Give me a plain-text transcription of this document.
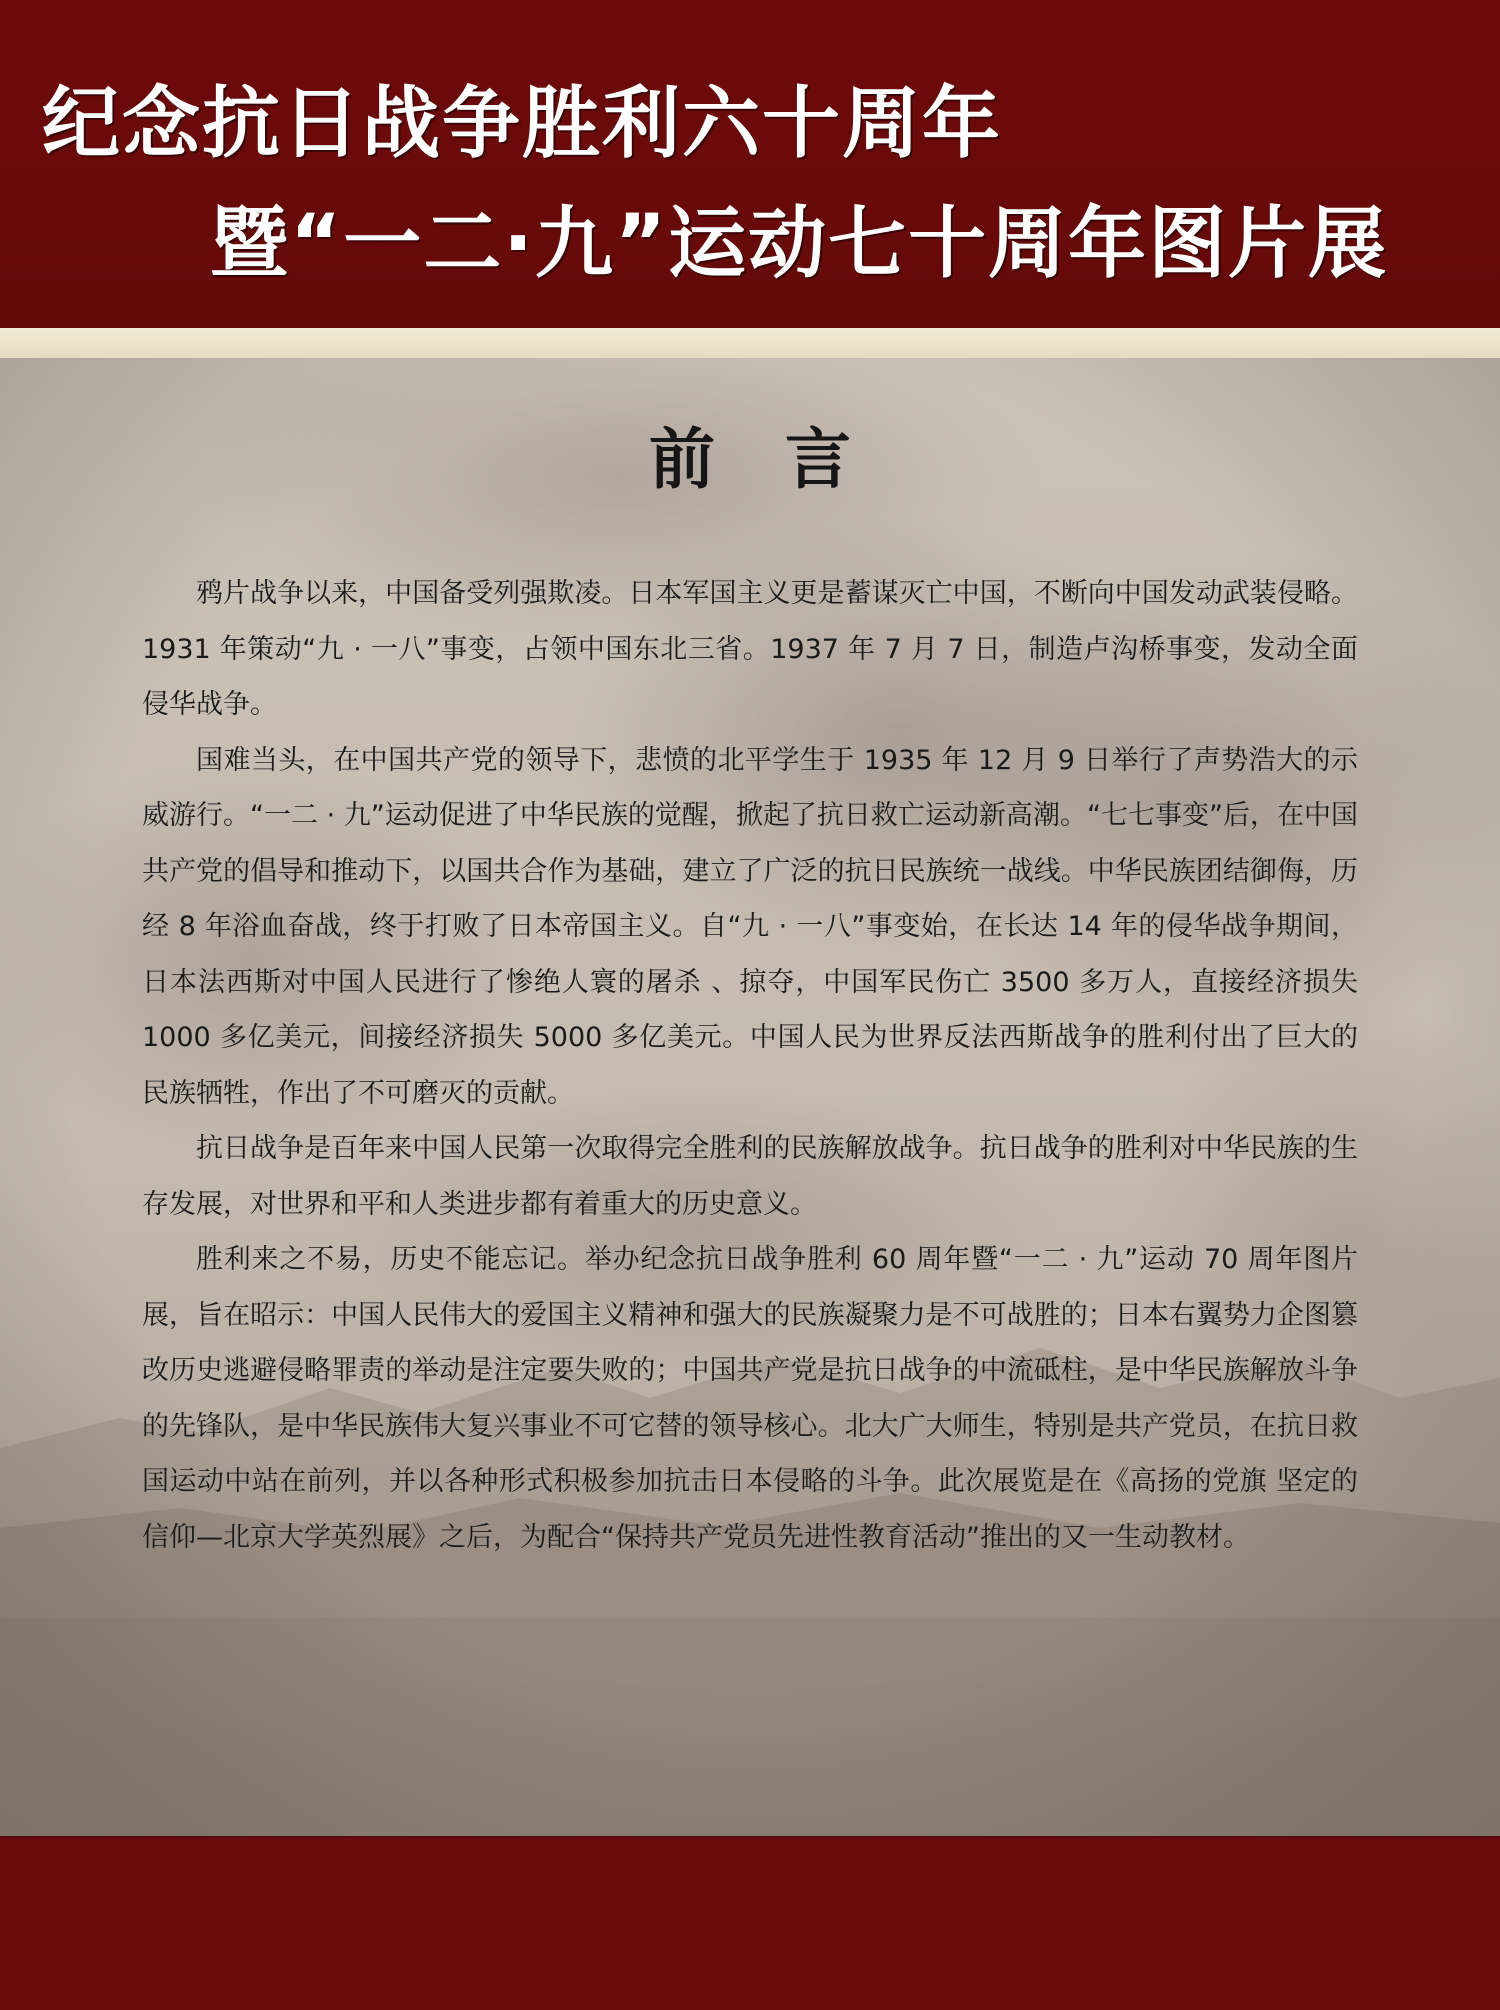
纪念抗日战争胜利六十周年
暨“一二·九”运动七十周年图片展
前言

鸦片战争以来，中国备受列强欺凌。日本军国主义更是蓄谋灭亡中国，不断向中国发动武装侵略。1931 年策动“九 · 一八”事变，占领中国东北三省。1937 年 7 月 7 日，制造卢沟桥事变，发动全面侵华战争。

国难当头，在中国共产党的领导下，悲愤的北平学生于 1935 年 12 月 9 日举行了声势浩大的示威游行。“一二 · 九”运动促进了中华民族的觉醒，掀起了抗日救亡运动新高潮。“七七事变”后，在中国共产党的倡导和推动下，以国共合作为基础，建立了广泛的抗日民族统一战线。中华民族团结御侮，历经 8 年浴血奋战，终于打败了日本帝国主义。自“九 · 一八”事变始，在长达 14 年的侵华战争期间，日本法西斯对中国人民进行了惨绝人寰的屠杀 、掠夺，中国军民伤亡 3500 多万人，直接经济损失 1000 多亿美元，间接经济损失 5000 多亿美元。中国人民为世界反法西斯战争的胜利付出了巨大的民族牺牲，作出了不可磨灭的贡献。

抗日战争是百年来中国人民第一次取得完全胜利的民族解放战争。抗日战争的胜利对中华民族的生存发展，对世界和平和人类进步都有着重大的历史意义。

胜利来之不易，历史不能忘记。举办纪念抗日战争胜利 60 周年暨“一二 · 九”运动 70 周年图片展，旨在昭示：中国人民伟大的爱国主义精神和强大的民族凝聚力是不可战胜的；日本右翼势力企图篡改历史逃避侵略罪责的举动是注定要失败的；中国共产党是抗日战争的中流砥柱，是中华民族解放斗争的先锋队，是中华民族伟大复兴事业不可它替的领导核心。北大广大师生，特别是共产党员，在抗日救国运动中站在前列，并以各种形式积极参加抗击日本侵略的斗争。此次展览是在《高扬的党旗 坚定的信仰—北京大学英烈展》之后，为配合“保持共产党员先进性教育活动”推出的又一生动教材。
